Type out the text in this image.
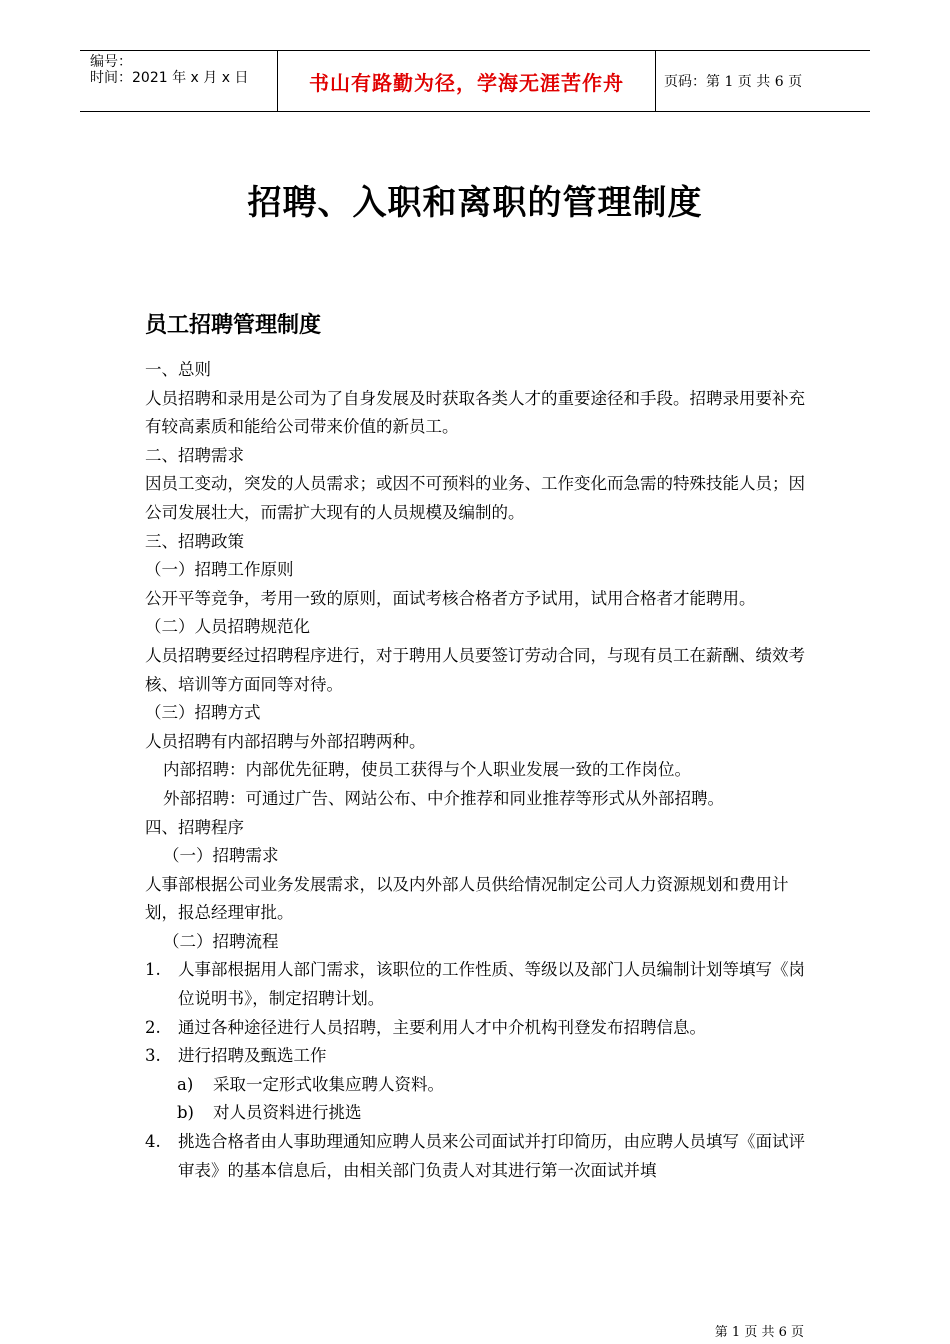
编号：
时间：2021 年 x 月 x 日	书山有路勤为径，学海无涯苦作舟	页码：第 1 页 共 6 页
招聘、入职和离职的管理制度
员工招聘管理制度

一、总则

人员招聘和录用是公司为了自身发展及时获取各类人才的重要途径和手段。招聘录用要补充有较高素质和能给公司带来价值的新员工。

二、招聘需求

因员工变动，突发的人员需求；或因不可预料的业务、工作变化而急需的特殊技能人员；因公司发展壮大，而需扩大现有的人员规模及编制的。

三、招聘政策

（一）招聘工作原则

公开平等竞争，考用一致的原则，面试考核合格者方予试用，试用合格者才能聘用。

（二）人员招聘规范化

人员招聘要经过招聘程序进行，对于聘用人员要签订劳动合同，与现有员工在薪酬、绩效考核、培训等方面同等对待。

（三）招聘方式

人员招聘有内部招聘与外部招聘两种。

内部招聘：内部优先征聘，使员工获得与个人职业发展一致的工作岗位。

外部招聘：可通过广告、网站公布、中介推荐和同业推荐等形式从外部招聘。

四、招聘程序

（一）招聘需求

人事部根据公司业务发展需求，以及内外部人员供给情况制定公司人力资源规划和费用计划，报总经理审批。

（二）招聘流程

1. 人事部根据用人部门需求，该职位的工作性质、等级以及部门人员编制计划等填写《岗位说明书》，制定招聘计划。
2. 通过各种途径进行人员招聘，主要利用人才中介机构刊登发布招聘信息。
3. 进行招聘及甄选工作
a) 采取一定形式收集应聘人资料。
b) 对人员资料进行挑选
4. 挑选合格者由人事助理通知应聘人员来公司面试并打印简历，由应聘人员填写《面试评审表》的基本信息后，由相关部门负责人对其进行第一次面试并填
第 1 页 共 6 页
